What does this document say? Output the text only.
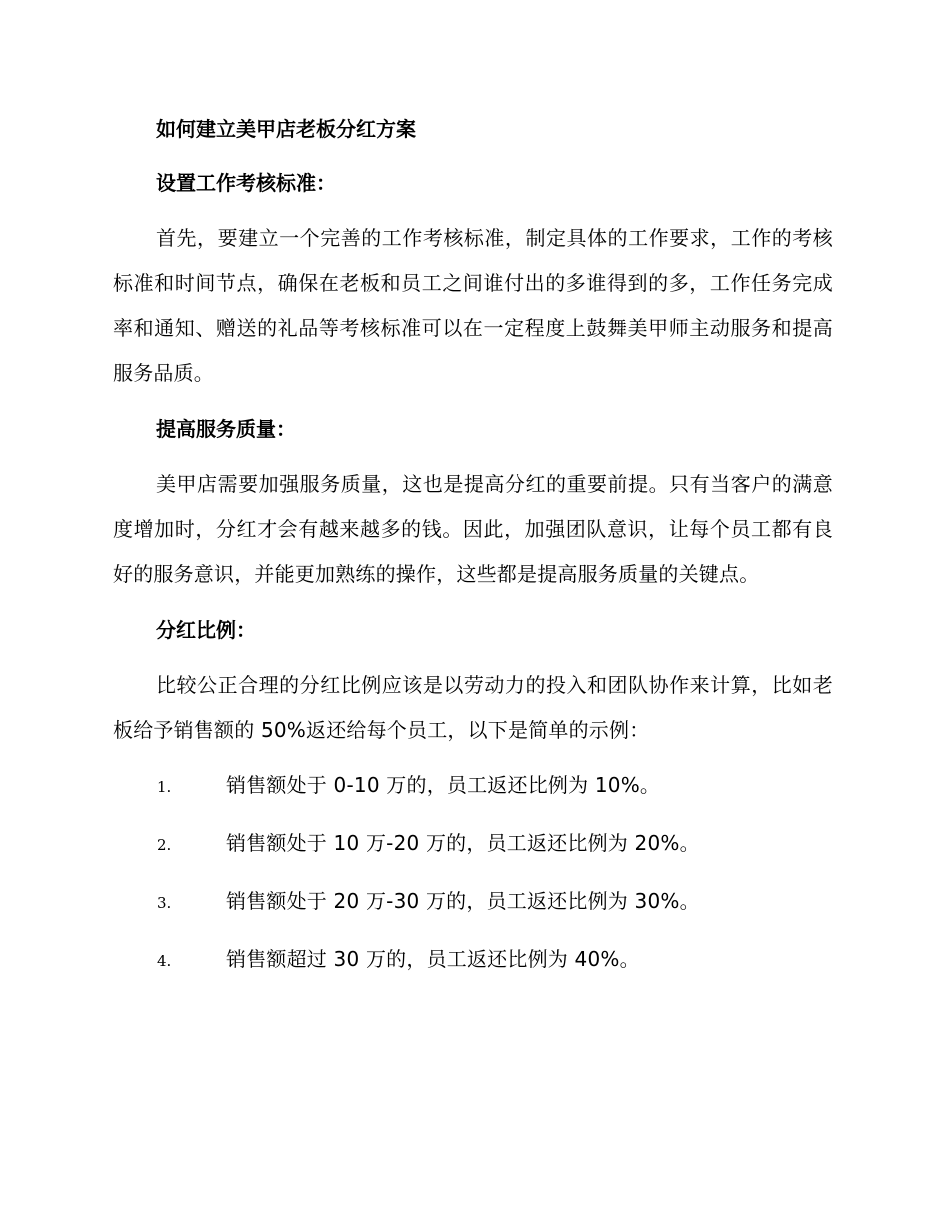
如何建立美甲店老板分红方案
设置工作考核标准：
首先，要建立一个完善的工作考核标准，制定具体的工作要求，工作的考核标准和时间节点，确保在老板和员工之间谁付出的多谁得到的多，工作任务完成率和通知、赠送的礼品等考核标准可以在一定程度上鼓舞美甲师主动服务和提高服务品质。
提高服务质量：
美甲店需要加强服务质量，这也是提高分红的重要前提。只有当客户的满意度增加时，分红才会有越来越多的钱。因此，加强团队意识，让每个员工都有良好的服务意识，并能更加熟练的操作，这些都是提高服务质量的关键点。
分红比例：
比较公正合理的分红比例应该是以劳动力的投入和团队协作来计算，比如老板给予销售额的 50%返还给每个员工，以下是简单的示例：
1.	销售额处于 0-10 万的，员工返还比例为 10%。
2.	销售额处于 10 万-20 万的，员工返还比例为 20%。
3.	销售额处于 20 万-30 万的，员工返还比例为 30%。
4.	销售额超过 30 万的，员工返还比例为 40%。
